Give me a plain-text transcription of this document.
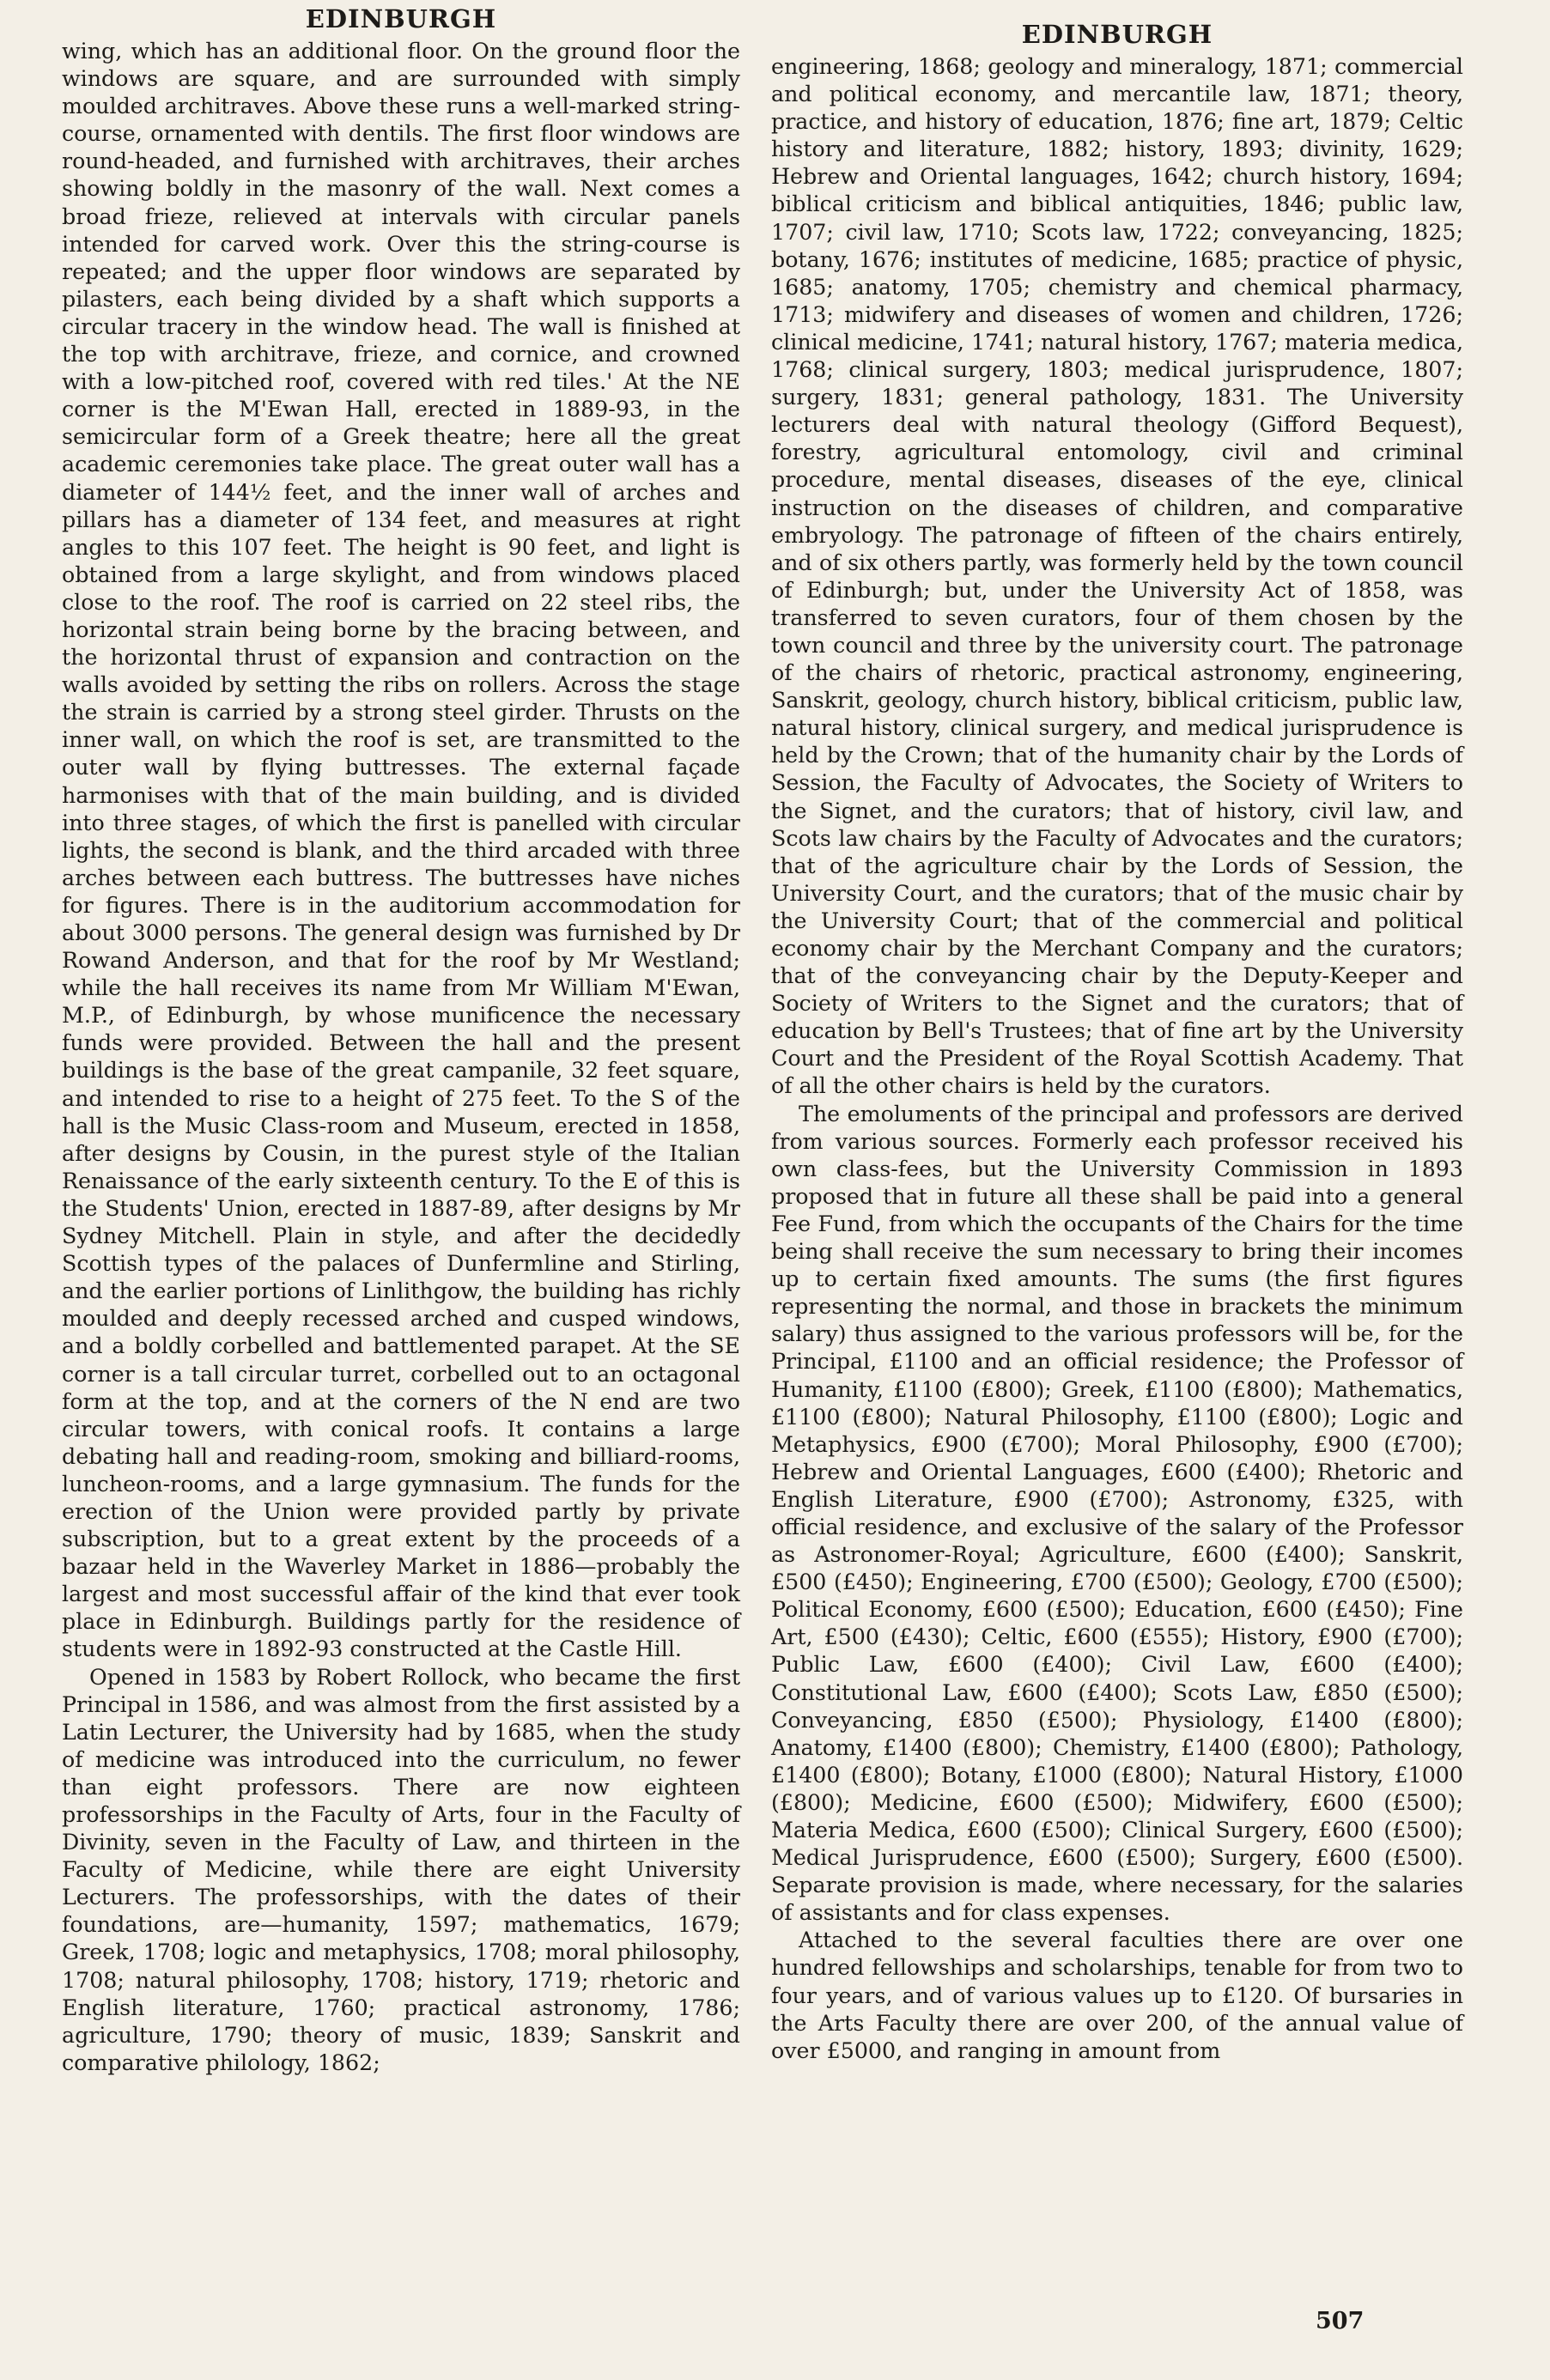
EDINBURGH

wing, which has an additional floor. On the ground floor the windows are square, and are surrounded with simply moulded architraves. Above these runs a well-marked string-course, ornamented with dentils. The first floor windows are round-headed, and furnished with architraves, their arches showing boldly in the masonry of the wall. Next comes a broad frieze, relieved at intervals with circular panels intended for carved work. Over this the string-course is repeated; and the upper floor windows are separated by pilasters, each being divided by a shaft which supports a circular tracery in the window head. The wall is finished at the top with architrave, frieze, and cornice, and crowned with a low-pitched roof, covered with red tiles.' At the NE corner is the M'Ewan Hall, erected in 1889-93, in the semicircular form of a Greek theatre; here all the great academic ceremonies take place. The great outer wall has a diameter of 144½ feet, and the inner wall of arches and pillars has a diameter of 134 feet, and measures at right angles to this 107 feet. The height is 90 feet, and light is obtained from a large skylight, and from windows placed close to the roof. The roof is carried on 22 steel ribs, the horizontal strain being borne by the bracing between, and the horizontal thrust of expansion and contraction on the walls avoided by setting the ribs on rollers. Across the stage the strain is carried by a strong steel girder. Thrusts on the inner wall, on which the roof is set, are transmitted to the outer wall by flying buttresses. The external façade harmonises with that of the main building, and is divided into three stages, of which the first is panelled with circular lights, the second is blank, and the third arcaded with three arches between each buttress. The buttresses have niches for figures. There is in the auditorium accommodation for about 3000 persons. The general design was furnished by Dr Rowand Anderson, and that for the roof by Mr Westland; while the hall receives its name from Mr William M'Ewan, M.P., of Edinburgh, by whose munificence the necessary funds were provided. Between the hall and the present buildings is the base of the great campanile, 32 feet square, and intended to rise to a height of 275 feet. To the S of the hall is the Music Class-room and Museum, erected in 1858, after designs by Cousin, in the purest style of the Italian Renaissance of the early sixteenth century. To the E of this is the Students' Union, erected in 1887-89, after designs by Mr Sydney Mitchell. Plain in style, and after the decidedly Scottish types of the palaces of Dunfermline and Stirling, and the earlier portions of Linlithgow, the building has richly moulded and deeply recessed arched and cusped windows, and a boldly corbelled and battlemented parapet. At the SE corner is a tall circular turret, corbelled out to an octagonal form at the top, and at the corners of the N end are two circular towers, with conical roofs. It contains a large debating hall and reading-room, smoking and billiard-rooms, luncheon-rooms, and a large gymnasium. The funds for the erection of the Union were provided partly by private subscription, but to a great extent by the proceeds of a bazaar held in the Waverley Market in 1886—probably the largest and most successful affair of the kind that ever took place in Edinburgh. Buildings partly for the residence of students were in 1892-93 constructed at the Castle Hill.

Opened in 1583 by Robert Rollock, who became the first Principal in 1586, and was almost from the first assisted by a Latin Lecturer, the University had by 1685, when the study of medicine was introduced into the curriculum, no fewer than eight professors. There are now eighteen professorships in the Faculty of Arts, four in the Faculty of Divinity, seven in the Faculty of Law, and thirteen in the Faculty of Medicine, while there are eight University Lecturers. The professorships, with the dates of their foundations, are—humanity, 1597; mathematics, 1679; Greek, 1708; logic and metaphysics, 1708; moral philosophy, 1708; natural philosophy, 1708; history, 1719; rhetoric and English literature, 1760; practical astronomy, 1786; agriculture, 1790; theory of music, 1839; Sanskrit and comparative philology, 1862;

EDINBURGH

engineering, 1868; geology and mineralogy, 1871; commercial and political economy, and mercantile law, 1871; theory, practice, and history of education, 1876; fine art, 1879; Celtic history and literature, 1882; history, 1893; divinity, 1629; Hebrew and Oriental languages, 1642; church history, 1694; biblical criticism and biblical antiquities, 1846; public law, 1707; civil law, 1710; Scots law, 1722; conveyancing, 1825; botany, 1676; institutes of medicine, 1685; practice of physic, 1685; anatomy, 1705; chemistry and chemical pharmacy, 1713; midwifery and diseases of women and children, 1726; clinical medicine, 1741; natural history, 1767; materia medica, 1768; clinical surgery, 1803; medical jurisprudence, 1807; surgery, 1831; general pathology, 1831. The University lecturers deal with natural theology (Gifford Bequest), forestry, agricultural entomology, civil and criminal procedure, mental diseases, diseases of the eye, clinical instruction on the diseases of children, and comparative embryology. The patronage of fifteen of the chairs entirely, and of six others partly, was formerly held by the town council of Edinburgh; but, under the University Act of 1858, was transferred to seven curators, four of them chosen by the town council and three by the university court. The patronage of the chairs of rhetoric, practical astronomy, engineering, Sanskrit, geology, church history, biblical criticism, public law, natural history, clinical surgery, and medical jurisprudence is held by the Crown; that of the humanity chair by the Lords of Session, the Faculty of Advocates, the Society of Writers to the Signet, and the curators; that of history, civil law, and Scots law chairs by the Faculty of Advocates and the curators; that of the agriculture chair by the Lords of Session, the University Court, and the curators; that of the music chair by the University Court; that of the commercial and political economy chair by the Merchant Company and the curators; that of the conveyancing chair by the Deputy-Keeper and Society of Writers to the Signet and the curators; that of education by Bell's Trustees; that of fine art by the University Court and the President of the Royal Scottish Academy. That of all the other chairs is held by the curators.

The emoluments of the principal and professors are derived from various sources. Formerly each professor received his own class-fees, but the University Commission in 1893 proposed that in future all these shall be paid into a general Fee Fund, from which the occupants of the Chairs for the time being shall receive the sum necessary to bring their incomes up to certain fixed amounts. The sums (the first figures representing the normal, and those in brackets the minimum salary) thus assigned to the various professors will be, for the Principal, £1100 and an official residence; the Professor of Humanity, £1100 (£800); Greek, £1100 (£800); Mathematics, £1100 (£800); Natural Philosophy, £1100 (£800); Logic and Metaphysics, £900 (£700); Moral Philosophy, £900 (£700); Hebrew and Oriental Languages, £600 (£400); Rhetoric and English Literature, £900 (£700); Astronomy, £325, with official residence, and exclusive of the salary of the Professor as Astronomer-Royal; Agriculture, £600 (£400); Sanskrit, £500 (£450); Engineering, £700 (£500); Geology, £700 (£500); Political Economy, £600 (£500); Education, £600 (£450); Fine Art, £500 (£430); Celtic, £600 (£555); History, £900 (£700); Public Law, £600 (£400); Civil Law, £600 (£400); Constitutional Law, £600 (£400); Scots Law, £850 (£500); Conveyancing, £850 (£500); Physiology, £1400 (£800); Anatomy, £1400 (£800); Chemistry, £1400 (£800); Pathology, £1400 (£800); Botany, £1000 (£800); Natural History, £1000 (£800); Medicine, £600 (£500); Midwifery, £600 (£500); Materia Medica, £600 (£500); Clinical Surgery, £600 (£500); Medical Jurisprudence, £600 (£500); Surgery, £600 (£500). Separate provision is made, where necessary, for the salaries of assistants and for class expenses.

Attached to the several faculties there are over one hundred fellowships and scholarships, tenable for from two to four years, and of various values up to £120. Of bursaries in the Arts Faculty there are over 200, of the annual value of over £5000, and ranging in amount from

507
